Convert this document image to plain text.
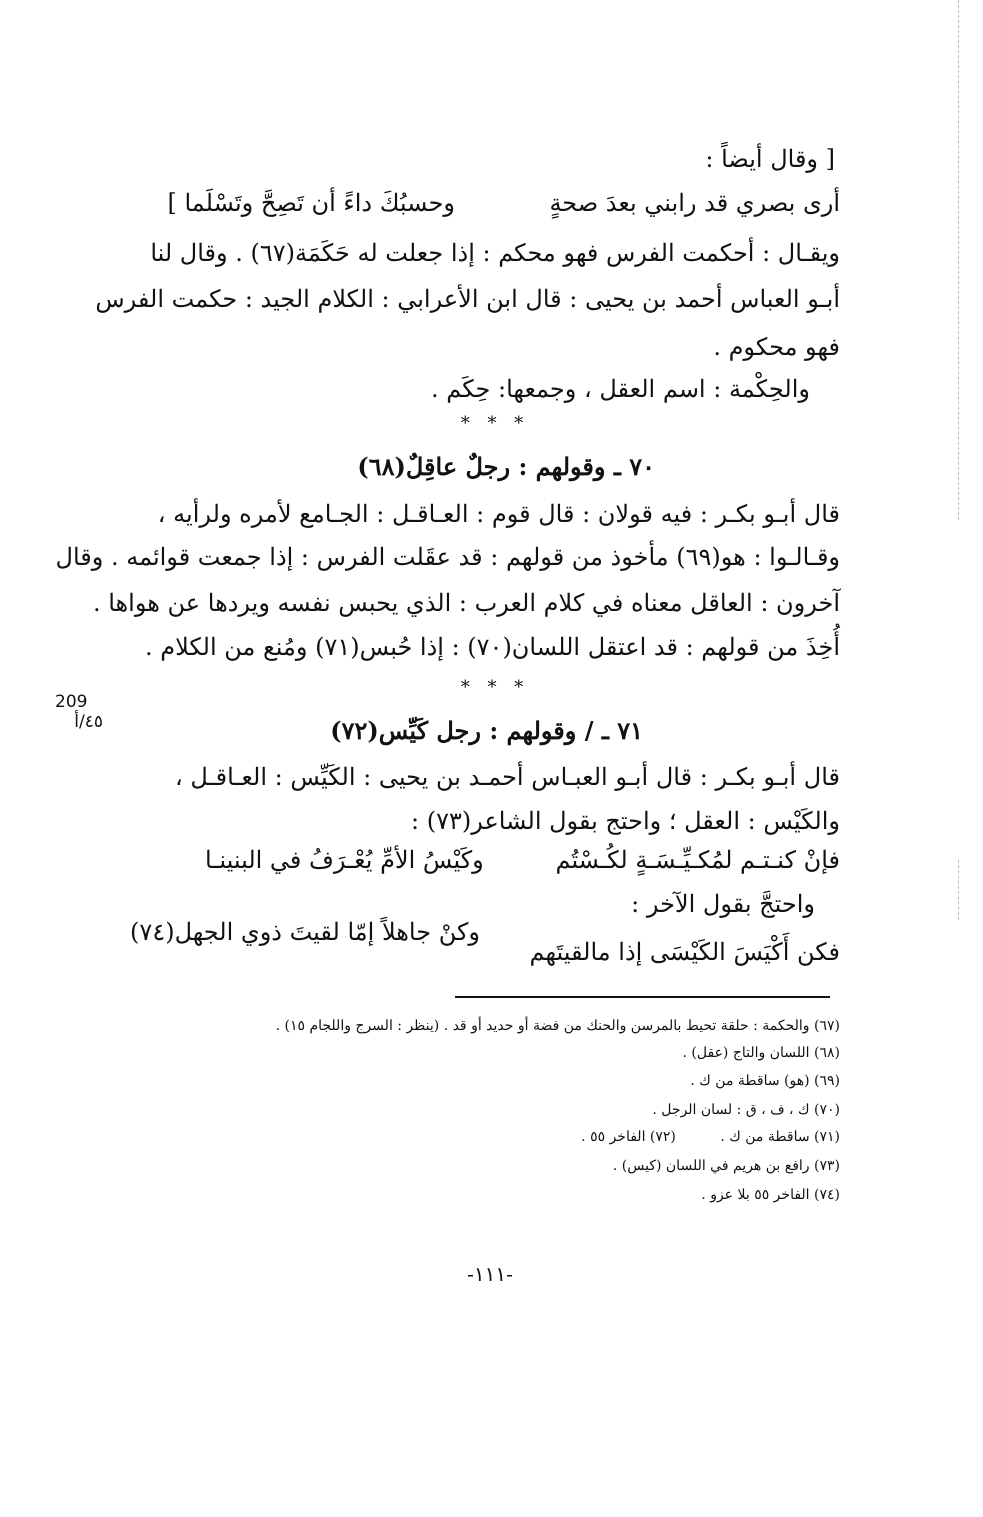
[ وقال أيضاً :
أرى بصري قد رابني بعدَ صحةٍ
وحسبُكَ داءً أن تَصِحَّ وتَسْلَما ]
ويقـال : أحكمت الفرس فهو محكم : إذا جعلت له حَكَمَة(٦٧) . وقال لنا
أبـو العباس أحمد بن يحيى : قال ابن الأعرابي : الكلام الجيد : حكمت الفرس
فهو محكوم .
والحِكْمة : اسم العقل ، وجمعها: حِكَم .
* * *
٧٠ ـ وقولهم : رجلٌ عاقِلٌ(٦٨)
قال أبـو بكـر : فيه قولان : قال قوم : العـاقـل : الجـامع لأمره ولرأيه ،
وقـالـوا : هو(٦٩) مأخوذ من قولهم : قد عقَلت الفرس : إذا جمعت قوائمه . وقال
آخرون : العاقل معناه في كلام العرب : الذي يحبس نفسه ويردها عن هواها .
أُخِذَ من قولهم : قد اعتقل اللسان(٧٠) : إذا حُبس(٧١) ومُنع من الكلام .
* * *
209
٤٥/أ	٧١ ـ / وقولهم : رجل كَيِّس(٧٢)
قال أبـو بكـر : قال أبـو العبـاس أحمـد بن يحيى : الكَيِّس : العـاقـل ،
والكَيْس : العقل ؛ واحتج بقول الشاعر(٧٣) :
فإنْ كنـتـم لمُكـيِّـسَـةٍ لكُـسْتُم
وكَيْسُ الأمِّ يُعْـرَفُ في البنينـا
واحتجَّ بقول الآخر :
فكن أَكْيَسَ الكَيْسَى إذا مالقيتَهم
وكنْ جاهلاً إمّا لقيتَ ذوي الجهل(٧٤)
(٦٧) والحكمة : حلقة تحيط بالمرسن والحنك من فضة أو حديد أو قد . (ينظر : السرج واللجام ١٥) .
(٦٨) اللسان والتاج (عقل) .
(٦٩) (هو) ساقطة من ك .
(٧٠) ك ، ف ، ق : لسان الرجل .
(٧١) ساقطة من ك .          (٧٢) الفاخر ٥٥ .
(٧٣) رافع بن هريم في اللسان (كيس) .
(٧٤) الفاخر ٥٥ بلا عزو .
-١١١-
